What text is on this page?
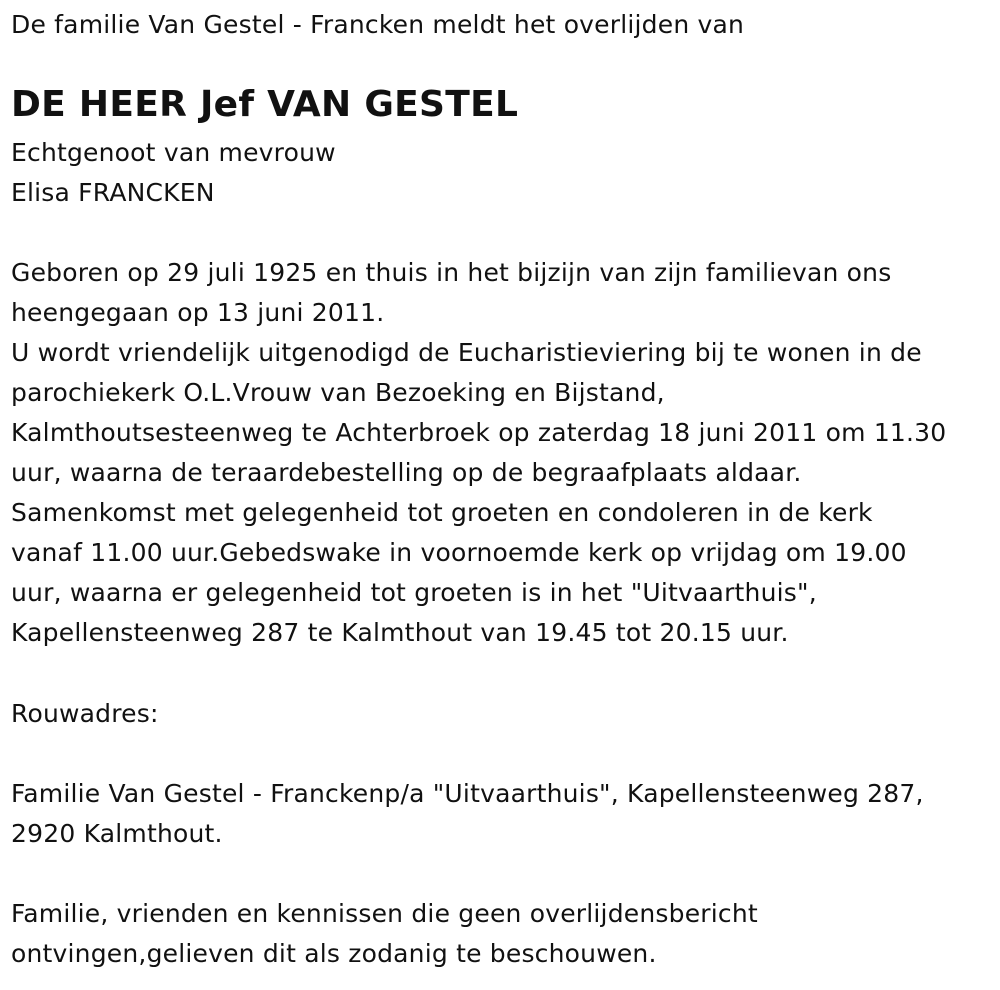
De familie Van Gestel - Francken meldt het overlijden van
DE HEER Jef VAN GESTEL
Echtgenoot van mevrouw
Elisa FRANCKEN
Geboren op 29 juli 1925 en thuis in het bijzijn van zijn familievan ons
heengegaan op 13 juni 2011.
U wordt vriendelijk uitgenodigd de Eucharistieviering bij te wonen in de
parochiekerk O.L.Vrouw van Bezoeking en Bijstand,
Kalmthoutsesteenweg te Achterbroek op zaterdag 18 juni 2011 om 11.30
uur, waarna de teraardebestelling op de begraafplaats aldaar.
Samenkomst met gelegenheid tot groeten en condoleren in de kerk
vanaf 11.00 uur.Gebedswake in voornoemde kerk op vrijdag om 19.00
uur, waarna er gelegenheid tot groeten is in het "Uitvaarthuis",
Kapellensteenweg 287 te Kalmthout van 19.45 tot 20.15 uur.
Rouwadres:
Familie Van Gestel - Franckenp/a "Uitvaarthuis", Kapellensteenweg 287,
2920 Kalmthout.
Familie, vrienden en kennissen die geen overlijdensbericht
ontvingen,gelieven dit als zodanig te beschouwen.
